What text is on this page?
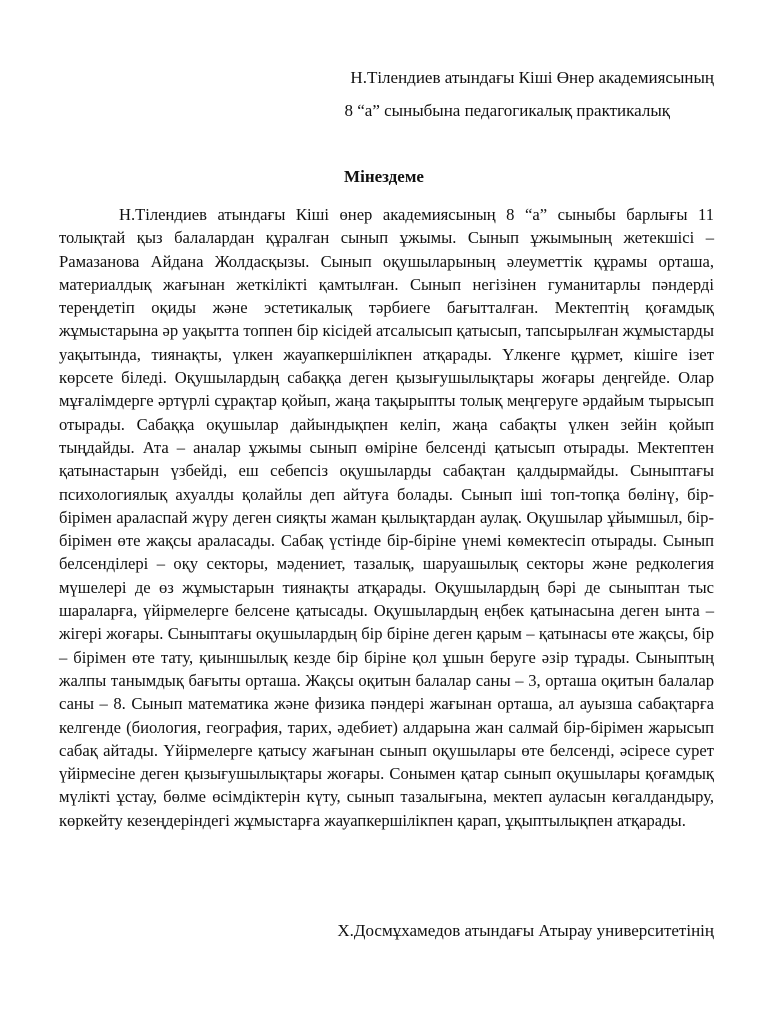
Н.Тілендиев атындағы Кіші Өнер академиясының
8 “а” сыныбына педагогикалық практикалық
Мінездеме

Н.Тілендиев атындағы Кіші өнер академиясының 8 “а” сыныбы барлығы 11 толықтай қыз балалардан құралған сынып ұжымы. Сынып ұжымының жетекшісі – Рамазанова Айдана Жолдасқызы. Сынып оқушыларының әлеуметтік құрамы орташа, материалдық жағынан жеткілікті қамтылған. Сынып негізінен гуманитарлы пәндерді тереңдетіп оқиды және эстетикалық тәрбиеге бағытталған. Мектептің қоғамдық жұмыстарына әр уақытта топпен бір кісідей атсалысып қатысып, тапсырылған жұмыстарды уақытында, тиянақты, үлкен жауапкершілікпен атқарады. Үлкенге құрмет, кішіге ізет көрсете біледі. Оқушылардың сабаққа деген қызығушылықтары жоғары деңгейде. Олар мұғалімдерге әртүрлі сұрақтар қойып, жаңа тақырыпты толық меңгеруге әрдайым тырысып отырады. Сабаққа оқушылар дайындықпен келіп, жаңа сабақты үлкен зейін қойып тыңдайды. Ата – аналар ұжымы сынып өміріне белсенді қатысып отырады. Мектептен қатынастарын үзбейді, еш себепсіз оқушыларды сабақтан қалдырмайды. Сыныптағы психологиялық ахуалды қолайлы деп айтуға болады. Сынып іші топ-топқа бөлінү, бір-бірімен араласпай жүру деген сияқты жаман қылықтардан аулақ. Оқушылар ұйымшыл, бір-бірімен өте жақсы араласады. Сабақ үстінде бір-біріне үнемі көмектесіп отырады. Сынып белсенділері – оқу секторы, мәдениет, тазалық, шаруашылық секторы және редколегия мүшелері де өз жұмыстарын тиянақты атқарады. Оқушылардың бәрі де сыныптан тыс шараларға, үйірмелерге белсене қатысады. Оқушылардың еңбек қатынасына деген ынта – жігері жоғары. Сыныптағы оқушылардың бір біріне деген қарым – қатынасы өте жақсы, бір – бірімен өте тату, қиыншылық кезде бір біріне қол ұшын беруге әзір тұрады. Сыныптың жалпы танымдық бағыты орташа. Жақсы оқитын балалар саны – 3, орташа оқитын балалар саны – 8. Сынып математика және физика пәндері жағынан орташа, ал ауызша сабақтарға келгенде (биология, география, тарих, әдебиет) алдарына жан салмай бір-бірімен жарысып сабақ айтады. Үйірмелерге қатысу жағынан сынып оқушылары өте белсенді, әсіресе сурет үйірмесіне деген қызығушылықтары жоғары. Сонымен қатар сынып оқушылары қоғамдық мүлікті ұстау, бөлме өсімдіктерін күту, сынып тазалығына, мектеп ауласын көгалдандыру, көркейту кезеңдеріндегі жұмыстарға жауапкершілікпен қарап, ұқыптылықпен атқарады.

Х.Досмұхамедов атындағы Атырау университетінің
